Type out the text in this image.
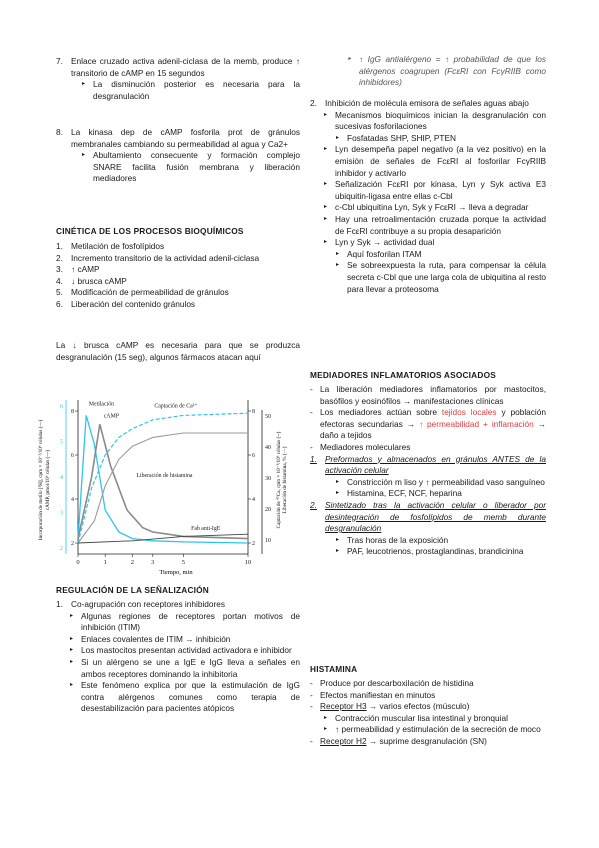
7. Enlace cruzado activa adenil-ciclasa de la memb, produce ↑ transitorio de cAMP en 15 segundos
▸ La disminución posterior es necesaria para la desgranulación
8. La kinasa dep de cAMP fosforila prot de gránulos membranales cambiando su permeabilidad al agua y Ca2+
▸ Abultamiento consecuente y formación complejo SNARE facilita fusión membrana y liberación mediadores
CINÉTICA DE LOS PROCESOS BIOQUÍMICOS
1. Metilación de fosfolípidos
2. Incremento transitorio de la actividad adenil-ciclasa
3. ↑ cAMP
4. ↓ brusca cAMP
5. Modificación de permeabilidad de gránulos
6. Liberación del contenido gránulos
La ↓ brusca cAMP es necesaria para que se produzca desgranulación (15 seg), algunos fármacos atacan aquí
REGULACIÓN DE LA SEÑALIZACIÓN
1. Co-agrupación con receptores inhibidores
▸ Algunas regiones de receptores portan motivos de inhibición (ITIM)
▸ Enlaces covalentes de ITIM → inhibición
▸ Los mastocitos presentan actividad activadora e inhibidor
▸ Si un alérgeno se une a IgE e IgG lleva a señales en ambos receptores dominando la inhibitoria
▸ Este fenómeno explica por que la estimulación de IgG contra alérgenos comunes como terapia de desestabilización para pacientes atópicos
Incorporación de metilo [³H], cpm × 10⁻³/10⁶ células (—) cAMP, pmol/10⁶ células (---)	Captación de ⁴⁵Ca, cpm × 10⁻³/10⁶ células (--) Liberación de histamina, % (···)
Tiempo, min
0	1	2	3	5	10
2
4
6
8
2
3
4
5
6
8
6
4
2
50
40
30
20
10
Metilación
cAMP
Captación de Ca²⁺
Liberación de histamina
Fab anti-IgE
▸ ↑ IgG antialérgeno = ↑ probabilidad de que los alérgenos coagrupen (FcεRI con FcγRIIB como inhibidores)
2. Inhibición de molécula emisora de señales aguas abajo
▸ Mecanismos bioquímicos inician la desgranulación con sucesivas fosforilaciones
▸ Fosfatadas SHP, SHIP, PTEN
▸ Lyn desempeña papel negativo (a la vez positivo) en la emisión de señales de FcεRI al fosforilar FcγRIIB inhibidor y activarlo
▸ Señalización FcεRI por kinasa, Lyn y Syk activa E3 ubiquitin-ligasa entre ellas c-Cbl
▸ c-Cbl ubiquitina Lyn, Syk y FcεRI → lleva a degradar
▸ Hay una retroalimentación cruzada porque la actividad de FcεRI contribuye a su propia desaparición
▸ Lyn y Syk → actividad dual
▸ Aquí fosforilan ITAM
▸ Se sobreexpuesta la ruta, para compensar la célula secreta c-Cbl que une larga cola de ubiquitina al resto para llevar a proteosoma
MEDIADORES INFLAMATORIOS ASOCIADOS
- La liberación mediadores inflamatorios por mastocitos, basófilos y eosinófilos → manifestaciones clínicas
- Los mediadores actúan sobre tejidos locales y población efectoras secundarias → ↑ permeabilidad + inflamación → daño a tejidos
- Mediadores moleculares
1. Preformados y almacenados en gránulos ANTES de la activación celular
▸ Constricción m liso y ↑ permeabilidad vaso sanguíneo
▸ Histamina, ECF, NCF, heparina
2. Sintetizado tras la activación celular o liberador por desintegración de fosfolípidos de memb durante desgranulación
▸ Tras horas de la exposición
▸ PAF, leucotrienos, prostaglandinas, brandicinina
HISTAMINA
- Produce por descarboxilación de histidina
- Efectos manifiestan en minutos
- Receptor H3 → varios efectos (músculo)
▸ Contracción muscular lisa intestinal y bronquial
▸ ↑ permeabilidad y estimulación de la secreción de moco
- Receptor H2 → suprime desgranulación (SN)
